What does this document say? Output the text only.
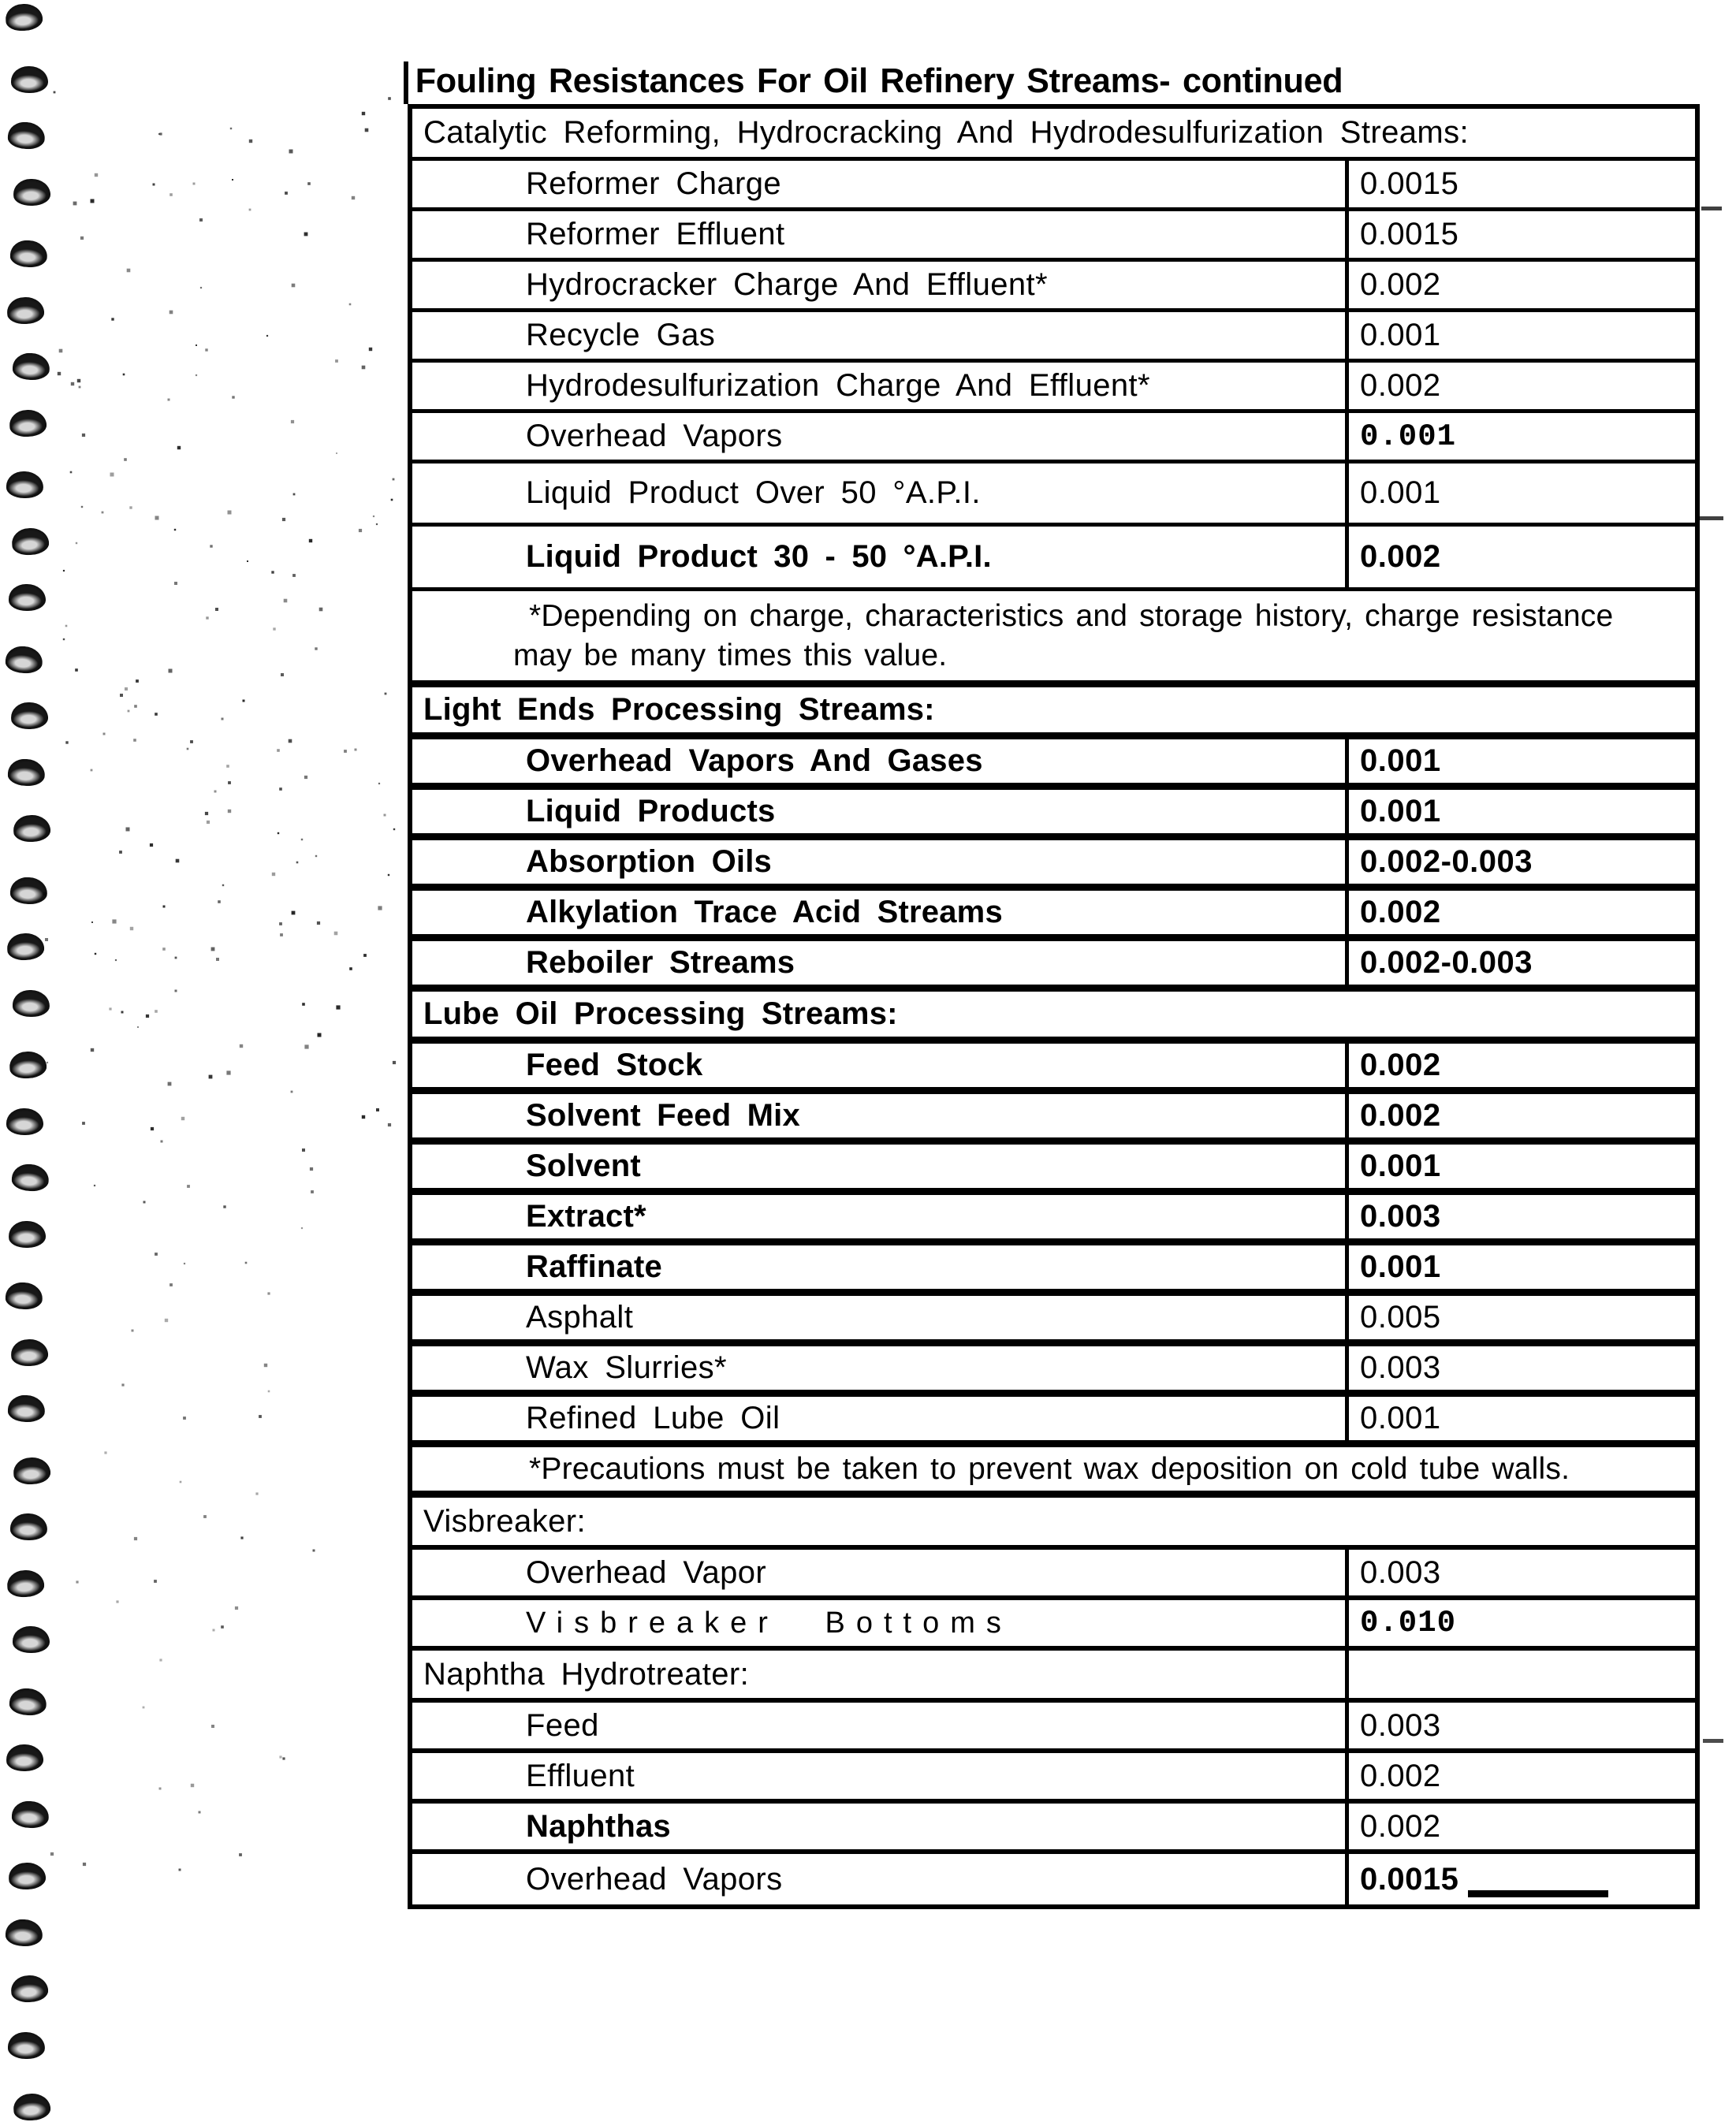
Fouling Resistances For Oil Refinery Streams- continued
Catalytic Reforming, Hydrocracking And Hydrodesulfurization Streams:
Reformer Charge	0.0015
Reformer Effluent	0.0015
Hydrocracker Charge And Effluent*	0.002
Recycle Gas	0.001
Hydrodesulfurization Charge And Effluent*	0.002
Overhead Vapors	0.001
Liquid Product Over 50 °A.P.I.	0.001
Liquid Product 30 - 50 °A.P.I.	0.002
*Depending on charge, characteristics and storage history, charge resistance
may be many times this value.
Light Ends Processing Streams:
Overhead Vapors And Gases	0.001
Liquid Products	0.001
Absorption Oils	0.002-0.003
Alkylation Trace Acid Streams	0.002
Reboiler Streams	0.002-0.003
Lube Oil Processing Streams:
Feed Stock	0.002
Solvent Feed Mix	0.002
Solvent	0.001
Extract*	0.003
Raffinate	0.001
Asphalt	0.005
Wax Slurries*	0.003
Refined Lube Oil	0.001
*Precautions must be taken to prevent wax deposition on cold tube walls.
Visbreaker:
Overhead Vapor	0.003
Visbreaker Bottoms	0.010
Naphtha Hydrotreater:
Feed	0.003
Effluent	0.002
Naphthas	0.002
Overhead Vapors	0.0015
